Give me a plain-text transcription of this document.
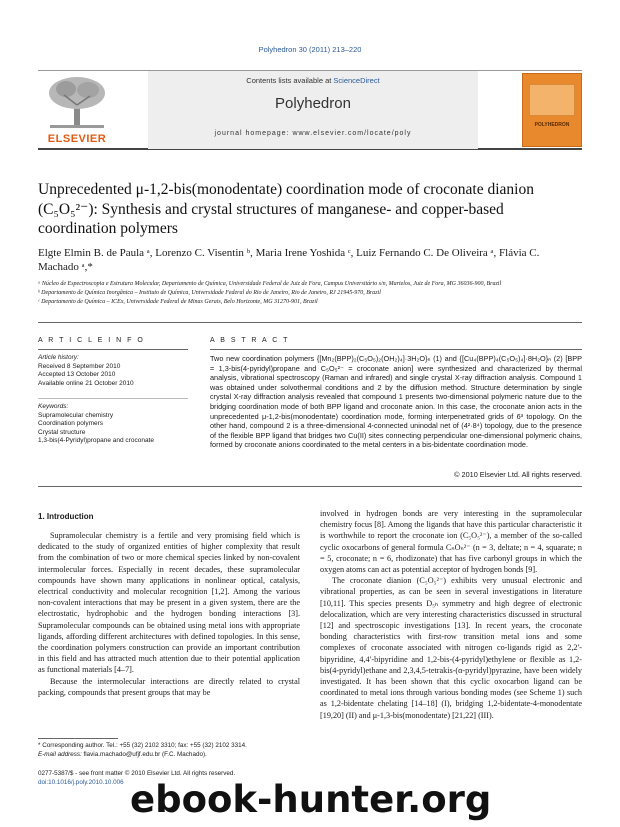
Polyhedron 30 (2011) 213–220
ELSEVIER
Contents lists available at ScienceDirect
Polyhedron
journal homepage: www.elsevier.com/locate/poly
POLYHEDRON
Unprecedented μ-1,2-bis(monodentate) coordination mode of croconate dianion (C₅O₅²⁻): Synthesis and crystal structures of manganese- and copper-based coordination polymers
Elgte Elmin B. de Paula ᵃ, Lorenzo C. Visentin ᵇ, Maria Irene Yoshida ᶜ, Luiz Fernando C. De Oliveira ᵃ, Flávia C. Machado ᵃ,*
ᵃ Núcleo de Espectroscopia e Estrutura Molecular, Departamento de Química, Universidade Federal de Juiz de Fora, Campus Universitário s/n, Martelos, Juiz de Fora, MG 36036-900, Brazil
ᵇ Departamento de Química Inorgânica – Instituto de Química, Universidade Federal do Rio de Janeiro, Rio de Janeiro, RJ 21945-970, Brazil
ᶜ Departamento de Química – ICEx, Universidade Federal de Minas Gerais, Belo Horizonte, MG 31270-901, Brazil
A R T I C L E I N F O
Article history:
Received 8 September 2010
Accepted 13 October 2010
Available online 21 October 2010
Keywords:
Supramolecular chemistry
Coordination polymers
Crystal structure
1,3-bis(4-Pyridyl)propane and croconate
A B S T R A C T
Two new coordination polymers {[Mn₂(BPP)₂(C₅O₅)₂(OH₂)₄]·3H₂O}ₙ (1) and {[Cu₄(BPP)₄(C₅O₅)₄]·8H₂O}ₙ (2) [BPP = 1,3-bis(4-pyridyl)propane and C₅O₅²⁻ = croconate anion] were synthesized and characterized by thermal analysis, vibrational spectroscopy (Raman and infrared) and single crystal X-ray diffraction analysis. Compound 1 was obtained under solvothermal conditions and 2 by the diffusion method. Structure determination by single crystal X-ray diffraction analysis revealed that compound 1 presents two-dimensional polymeric nature due to the bridging coordination mode of both BPP ligand and croconate anion. In this case, the croconate anion acts in the unprecedented μ-1,2-bis(monodentate) coordination mode, forming interpenetrated grids of 6³ topology. On the other hand, compound 2 is a three-dimensional 4-connected uninodal net of (4²·8⁴) topology, due to the presence of the flexible BPP ligand that bridges two Cu(II) sites connecting perpendicular one-dimensional polymeric chains, formed by croconate anions coordinated to the metal centers in a bis-bidentate coordination mode.
© 2010 Elsevier Ltd. All rights reserved.
1. Introduction

Supramolecular chemistry is a fertile and very promising field which is dedicated to the study of organized entities of higher complexity that result from the combination of two or more chemical species linked by non-covalent intermolecular forces. Especially in recent decades, these supramolecular compounds have shown many applications in nonlinear optical, catalysis, electrical conductivity and molecular recognition [1,2]. Among the various non-covalent interactions that may be present in a given system, there are the electrostatic, hydrophobic and the hydrogen bonding interactions [3]. Supramolecular compounds can be obtained using metal ions with appropriate ligands, affording different architectures with defined topologies. In this sense, the coordination polymers construction can provide an important contribution in this field and has attracted much attention due to their potential application as functional materials [4–7].

Because the intermolecular interactions are directly related to crystal packing, compounds that present groups that may be

involved in hydrogen bonds are very interesting in the supramolecular chemistry focus [8]. Among the ligands that have this particular characteristic it is worthwhile to report the croconate ion (C₅O₅²⁻), a member of the so-called cyclic oxocarbons of general formula CₙOₙ²⁻ (n = 3, deltate; n = 4, squarate; n = 5, croconate; n = 6, rhodizonate) that has five carbonyl groups in which the oxygen atoms can act as potential acceptor of hydrogen bonds [9].

The croconate dianion (C₅O₅²⁻) exhibits very unusual electronic and vibrational properties, as can be seen in several investigations in literature [10,11]. This species presents D₅ₕ symmetry and high degree of electronic delocalization, which are very interesting characteristics discussed in structural [12] and spectroscopic investigations [13]. In recent years, the croconate bonding characteristics with first-row transition metal ions and some complexes of croconate associated with nitrogen co-ligands rigid as 2,2′-bipyridine, 4,4′-bipyridine and 1,2-bis-(4-pyridyl)ethylene or flexible as 1,2-bis(4-pyridyl)ethane and 2,3,4,5-tetrakis-(α-pyridyl)pyrazine, have been widely investigated. It has been shown that this cyclic oxocarbon ligand can be coordinated to metal ions through various bonding modes (see Scheme 1) such as 1,2-bidentate chelating [14–18] (I), bridging 1,2-bidentate-4-monodentate [19,20] (II) and μ-1,3-bis(monodentate) [21,22] (III).

* Corresponding author. Tel.: +55 (32) 2102 3310; fax: +55 (32) 2102 3314.
E-mail address: flavia.machado@ufjf.edu.br (F.C. Machado).
0277-5387/$ - see front matter © 2010 Elsevier Ltd. All rights reserved.
doi:10.1016/j.poly.2010.10.006 ebook-hunter.org
